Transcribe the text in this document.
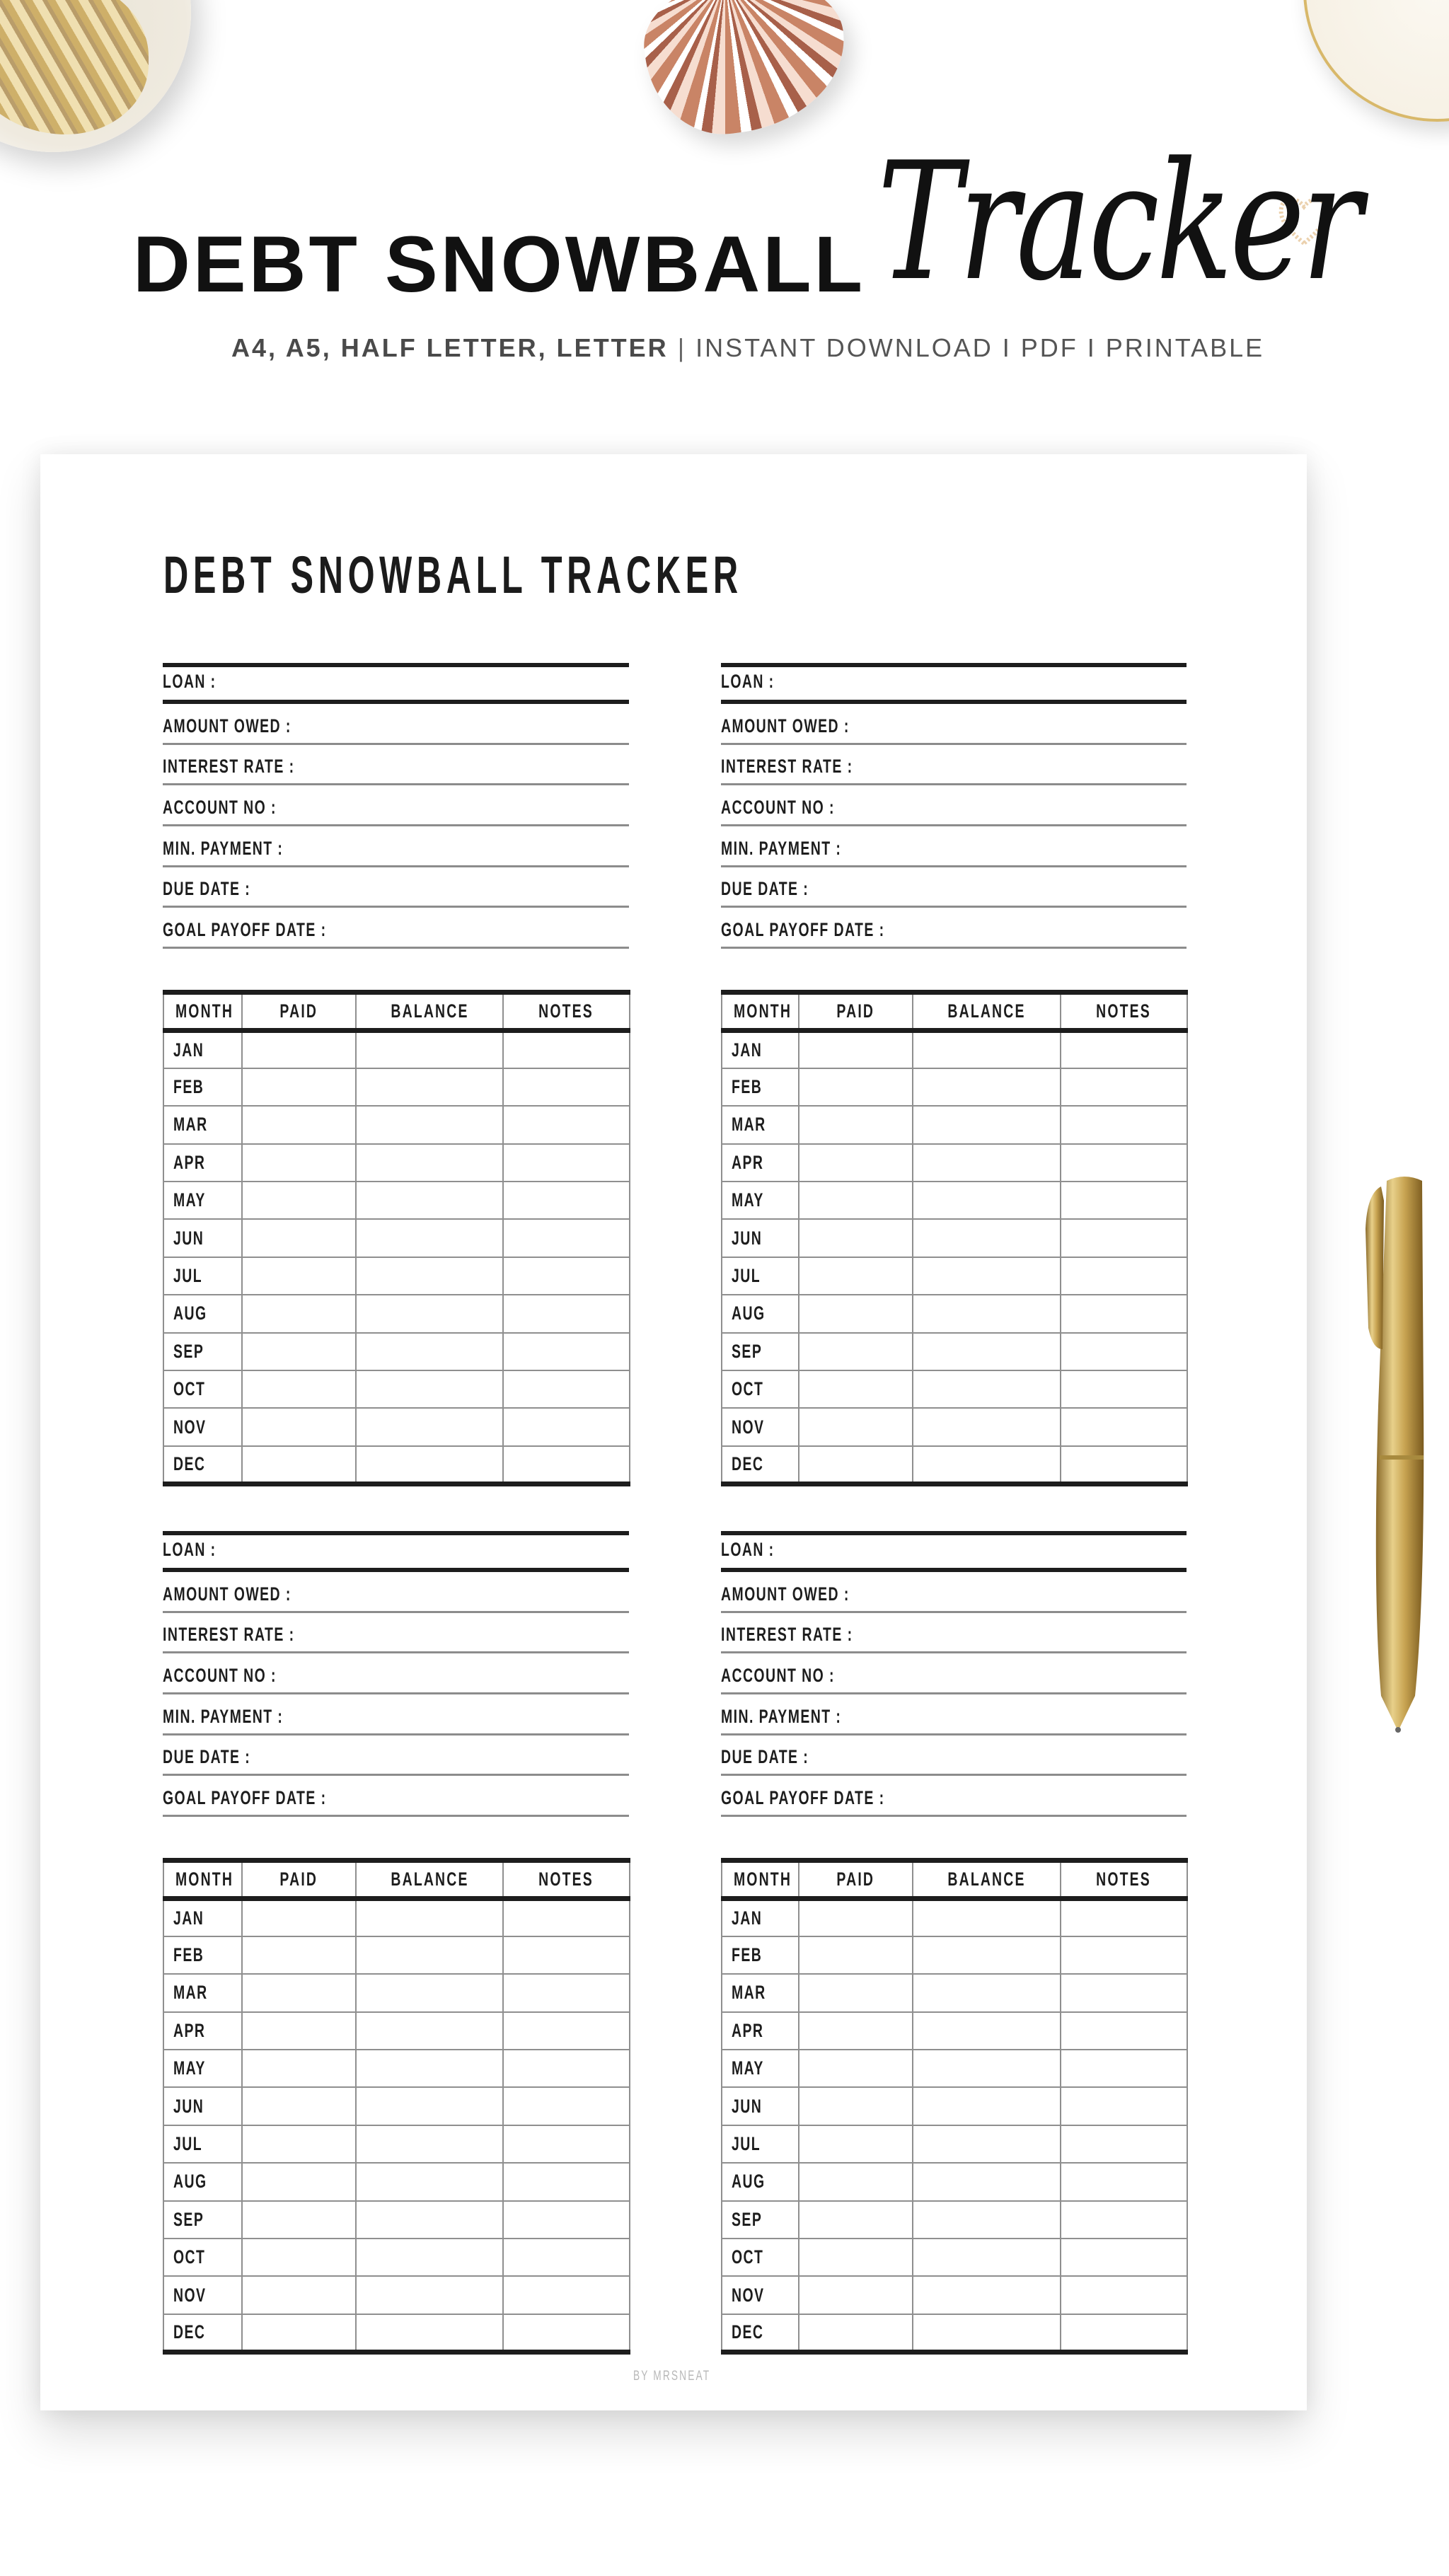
DEBT SNOWBALL Tracker
A4, A5, HALF LETTER, LETTER | INSTANT DOWNLOAD I PDF I PRINTABLE
DEBT SNOWBALL TRACKER
LOAN :
AMOUNT OWED :
INTEREST RATE :
ACCOUNT NO :
MIN. PAYMENT :
DUE DATE :
GOAL PAYOFF DATE :
LOAN :
AMOUNT OWED :
INTEREST RATE :
ACCOUNT NO :
MIN. PAYMENT :
DUE DATE :
GOAL PAYOFF DATE :
LOAN :
AMOUNT OWED :
INTEREST RATE :
ACCOUNT NO :
MIN. PAYMENT :
DUE DATE :
GOAL PAYOFF DATE :
LOAN :
AMOUNT OWED :
INTEREST RATE :
ACCOUNT NO :
MIN. PAYMENT :
DUE DATE :
GOAL PAYOFF DATE :
MONTH	PAID	BALANCE	NOTES
JAN			
FEB			
MAR			
APR			
MAY			
JUN			
JUL			
AUG			
SEP			
OCT			
NOV			
DEC			
MONTH	PAID	BALANCE	NOTES
JAN			
FEB			
MAR			
APR			
MAY			
JUN			
JUL			
AUG			
SEP			
OCT			
NOV			
DEC			
MONTH	PAID	BALANCE	NOTES
JAN			
FEB			
MAR			
APR			
MAY			
JUN			
JUL			
AUG			
SEP			
OCT			
NOV			
DEC			
MONTH	PAID	BALANCE	NOTES
JAN			
FEB			
MAR			
APR			
MAY			
JUN			
JUL			
AUG			
SEP			
OCT			
NOV			
DEC			
BY MRSNEAT
